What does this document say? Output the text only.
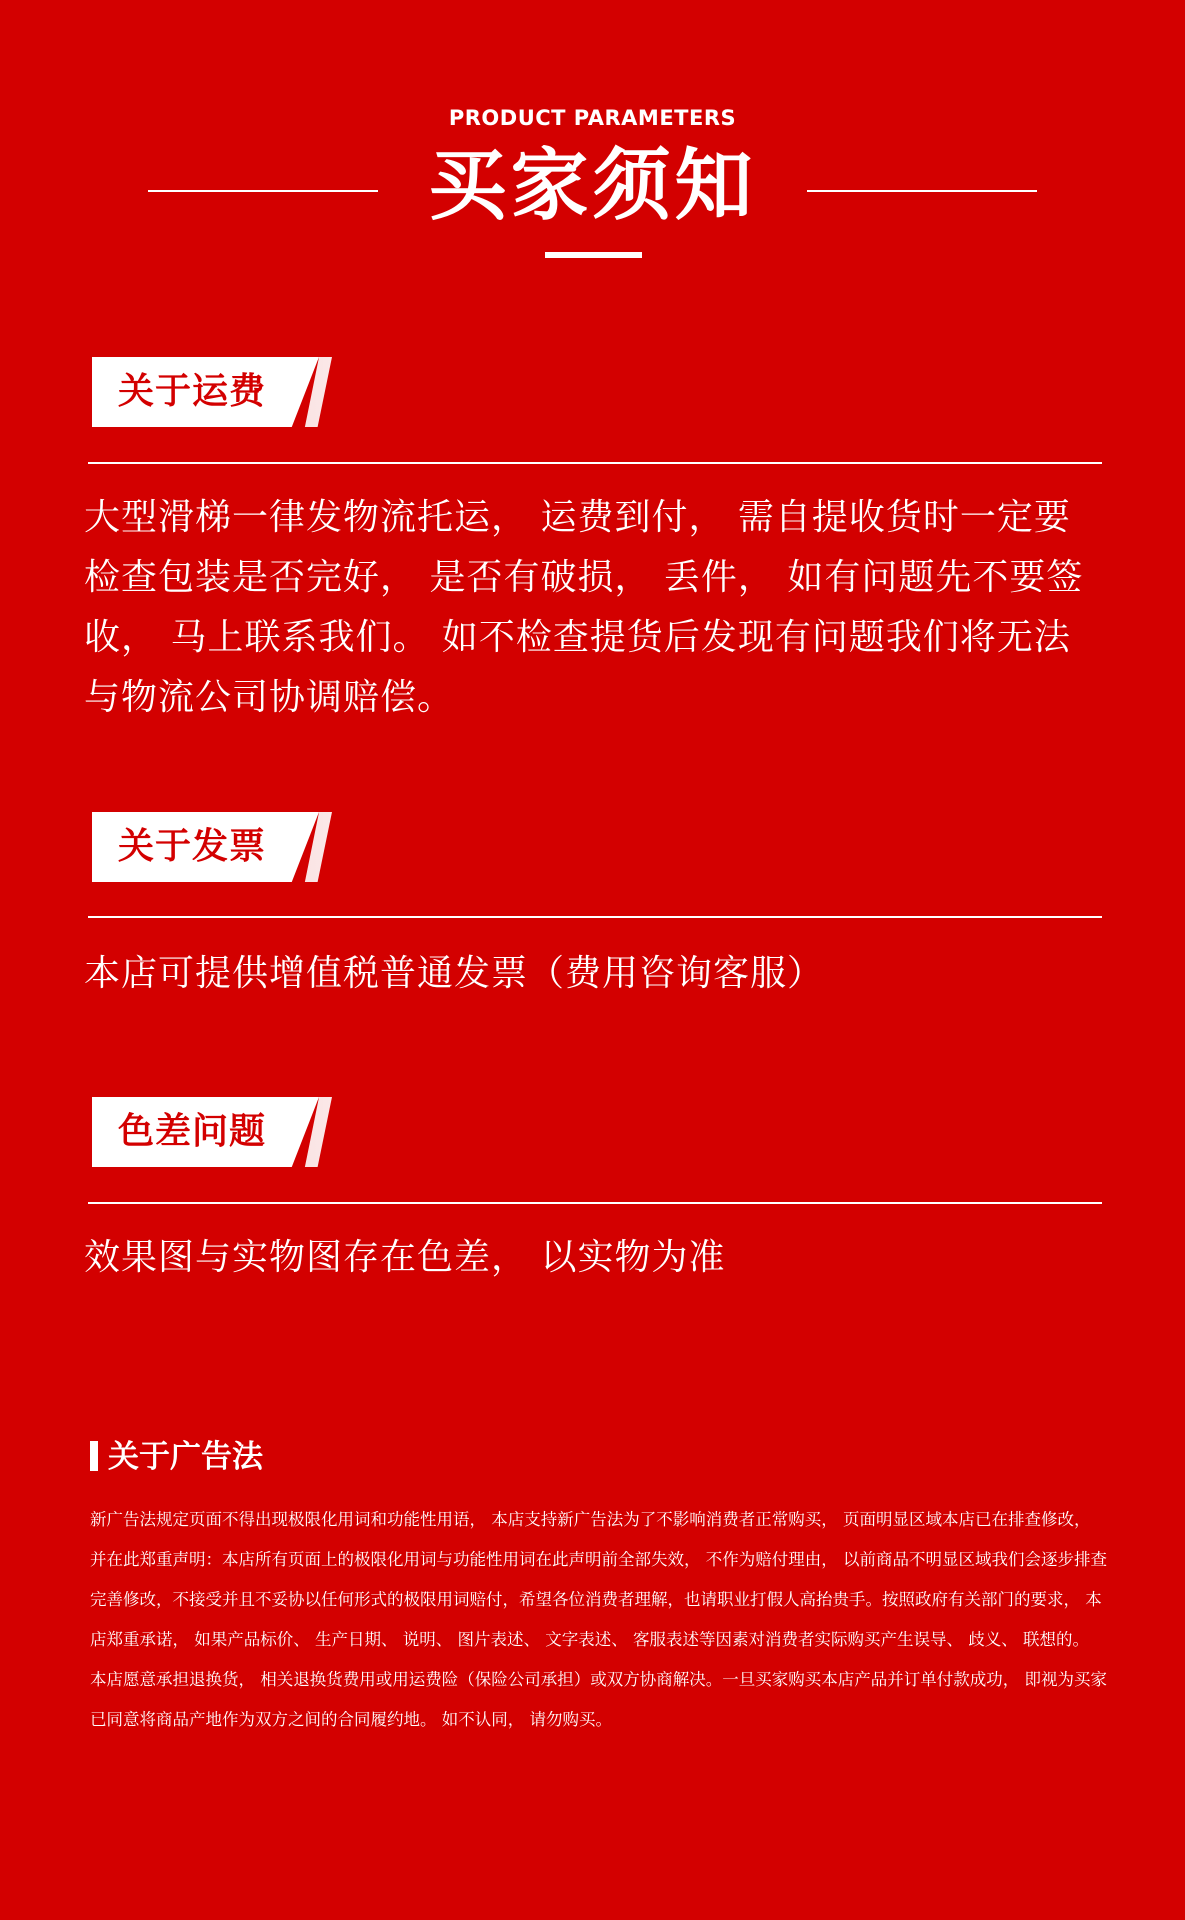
PRODUCT PARAMETERS
买家须知
关于运费
大型滑梯一律发物流托运， 运费到付， 需自提收货时一定要检查包装是否完好， 是否有破损， 丢件， 如有问题先不要签收， 马上联系我们。 如不检查提货后发现有问题我们将无法与物流公司协调赔偿。
关于发票
本店可提供增值税普通发票（费用咨询客服）
色差问题
效果图与实物图存在色差， 以实物为准
关于广告法
新广告法规定页面不得出现极限化用词和功能性用语， 本店支持新广告法为了不影响消费者正常购买， 页面明显区域本店已在排查修改， 并在此郑重声明：本店所有页面上的极限化用词与功能性用词在此声明前全部失效， 不作为赔付理由， 以前商品不明显区域我们会逐步排查完善修改，不接受并且不妥协以任何形式的极限用词赔付，希望各位消费者理解，也请职业打假人高抬贵手。按照政府有关部门的要求， 本店郑重承诺， 如果产品标价、 生产日期、 说明、 图片表述、 文字表述、 客服表述等因素对消费者实际购买产生误导、 歧义、 联想的。 本店愿意承担退换货， 相关退换货费用或用运费险（保险公司承担）或双方协商解决。一旦买家购买本店产品并订单付款成功， 即视为买家已同意将商品产地作为双方之间的合同履约地。 如不认同， 请勿购买。
